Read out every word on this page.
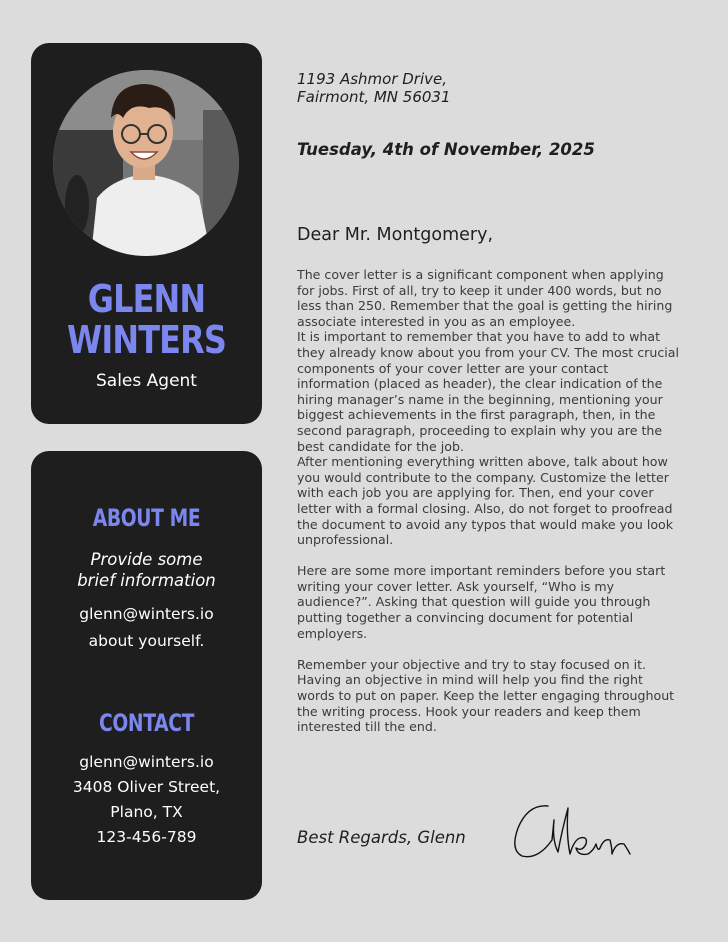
GLENN
WINTERS
Sales Agent
ABOUT ME
Provide some
brief information
glenn@winters.io
about yourself.
CONTACT
glenn@winters.io
3408 Oliver Street,
Plano, TX
123-456-789
1193 Ashmor Drive,
Fairmont, MN 56031
Tuesday, 4th of November, 2025
Dear Mr. Montgomery,

The cover letter is a significant component when applying for jobs. First of all, try to keep it under 400 words, but no less than 250. Remember that the goal is getting the hiring associate interested in you as an employee.

It is important to remember that you have to add to what they already know about you from your CV. The most crucial components of your cover letter are your contact information (placed as header), the clear indication of the hiring manager’s name in the beginning, mentioning your biggest achievements in the first paragraph, then, in the second paragraph, proceeding to explain why you are the best candidate for the job.

After mentioning everything written above, talk about how you would contribute to the company. Customize the letter with each job you are applying for. Then, end your cover letter with a formal closing. Also, do not forget to proofread the document to avoid any typos that would make you look unprofessional.

Here are some more important reminders before you start writing your cover letter. Ask yourself, “Who is my audience?”. Asking that question will guide you through putting together a convincing document for potential employers.

Remember your objective and try to stay focused on it. Having an objective in mind will help you find the right words to put on paper. Keep the letter engaging throughout the writing process. Hook your readers and keep them interested till the end.

Best Regards, Glenn
